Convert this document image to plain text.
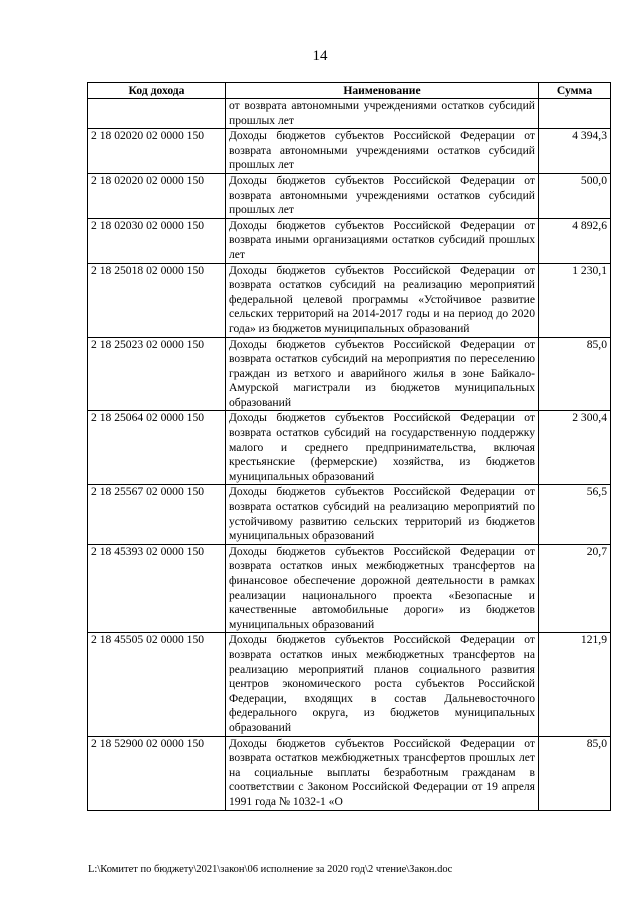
14
Код дохода	Наименование	Сумма
	от возврата автономными учреждениями остатков субсидий прошлых лет	
2 18 02020 02 0000 150	Доходы бюджетов субъектов Российской Федерации от возврата автономными учреждениями остатков субсидий прошлых лет	4 394,3
2 18 02020 02 0000 150	Доходы бюджетов субъектов Российской Федерации от возврата автономными учреждениями остатков субсидий прошлых лет	500,0
2 18 02030 02 0000 150	Доходы бюджетов субъектов Российской Федерации от возврата иными организациями остатков субсидий прошлых лет	4 892,6
2 18 25018 02 0000 150	Доходы бюджетов субъектов Российской Федерации от возврата остатков субсидий на реализацию мероприятий федеральной целевой программы «Устойчивое развитие сельских территорий на 2014-2017 годы и на период до 2020 года» из бюджетов муниципальных образований	1 230,1
2 18 25023 02 0000 150	Доходы бюджетов субъектов Российской Федерации от возврата остатков субсидий на мероприятия по переселению граждан из ветхого и аварийного жилья в зоне Байкало-Амурской магистрали из бюджетов муниципальных образований	85,0
2 18 25064 02 0000 150	Доходы бюджетов субъектов Российской Федерации от возврата остатков субсидий на государственную поддержку малого и среднего предпринимательства, включая крестьянские (фермерские) хозяйства, из бюджетов муниципальных образований	2 300,4
2 18 25567 02 0000 150	Доходы бюджетов субъектов Российской Федерации от возврата остатков субсидий на реализацию мероприятий по устойчивому развитию сельских территорий из бюджетов муниципальных образований	56,5
2 18 45393 02 0000 150	Доходы бюджетов субъектов Российской Федерации от возврата остатков иных межбюджетных трансфертов на финансовое обеспечение дорожной деятельности в рамках реализации национального проекта «Безопасные и качественные автомобильные дороги» из бюджетов муниципальных образований	20,7
2 18 45505 02 0000 150	Доходы бюджетов субъектов Российской Федерации от возврата остатков иных межбюджетных трансфертов на реализацию мероприятий планов социального развития центров экономического роста субъектов Российской Федерации, входящих в состав Дальневосточного федерального округа, из бюджетов муниципальных образований	121,9
2 18 52900 02 0000 150	Доходы бюджетов субъектов Российской Федерации от возврата остатков межбюджетных трансфертов прошлых лет на социальные выплаты безработным гражданам в соответствии с Законом Российской Федерации от 19 апреля 1991 года № 1032-1 «О	85,0
L:\Комитет по бюджету\2021\закон\06 исполнение за 2020 год\2 чтение\Закон.doc
